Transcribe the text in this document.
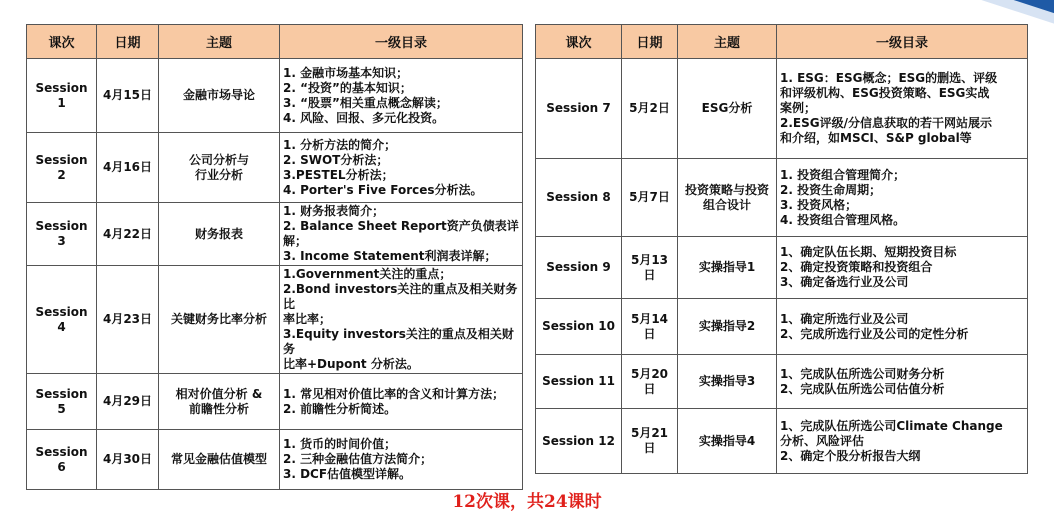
课次	日期	主题	一级目录
Session 1	4月15日	金融市场导论	1. 金融市场基本知识；
2. “投资”的基本知识；
3. “股票”相关重点概念解读；
4. 风险、回报、多元化投资。

Session 2	4月16日	公司分析与
行业分析	1. 分析方法的简介；
2. SWOT分析法；
3.PESTEL分析法；
4. Porter's Five Forces分析法。

Session 3	4月22日	财务报表	1. 财务报表简介；
2. Balance Sheet Report资产负债表详解；
3. Income Statement利润表详解；

Session 4	4月23日	关键财务比率分析	1.Government关注的重点；
2.Bond investors关注的重点及相关财务比
率比率；
3.Equity investors关注的重点及相关财务
比率+Dupont 分析法。

Session 5	4月29日	相对价值分析 &
前瞻性分析	1. 常见相对价值比率的含义和计算方法；
2. 前瞻性分析简述。

Session 6	4月30日	常见金融估值模型	1. 货币的时间价值；
2. 三种金融估值方法简介；
3. DCF估值模型详解。
课次	日期	主题	一级目录
Session 7	5月2日	ESG分析	1. ESG：ESG概念；ESG的删选、评级
和评级机构、ESG投资策略、ESG实战
案例；
2.ESG评级/分信息获取的若干网站展示
和介绍，如MSCI、S&P global等

Session 8	5月7日	投资策略与投资
组合设计	1. 投资组合管理简介；
2. 投资生命周期；
3. 投资风格；
4. 投资组合管理风格。

Session 9	5月13日	实操指导1	1、确定队伍长期、短期投资目标
2、确定投资策略和投资组合
3、确定备选行业及公司

Session 10	5月14日	实操指导2	1、确定所选行业及公司
2、完成所选行业及公司的定性分析

Session 11	5月20日	实操指导3	1、完成队伍所选公司财务分析
2、完成队伍所选公司估值分析

Session 12	5月21日	实操指导4	1、完成队伍所选公司Climate Change
分析、风险评估
2、确定个股分析报告大纲
12次课，共24课时
